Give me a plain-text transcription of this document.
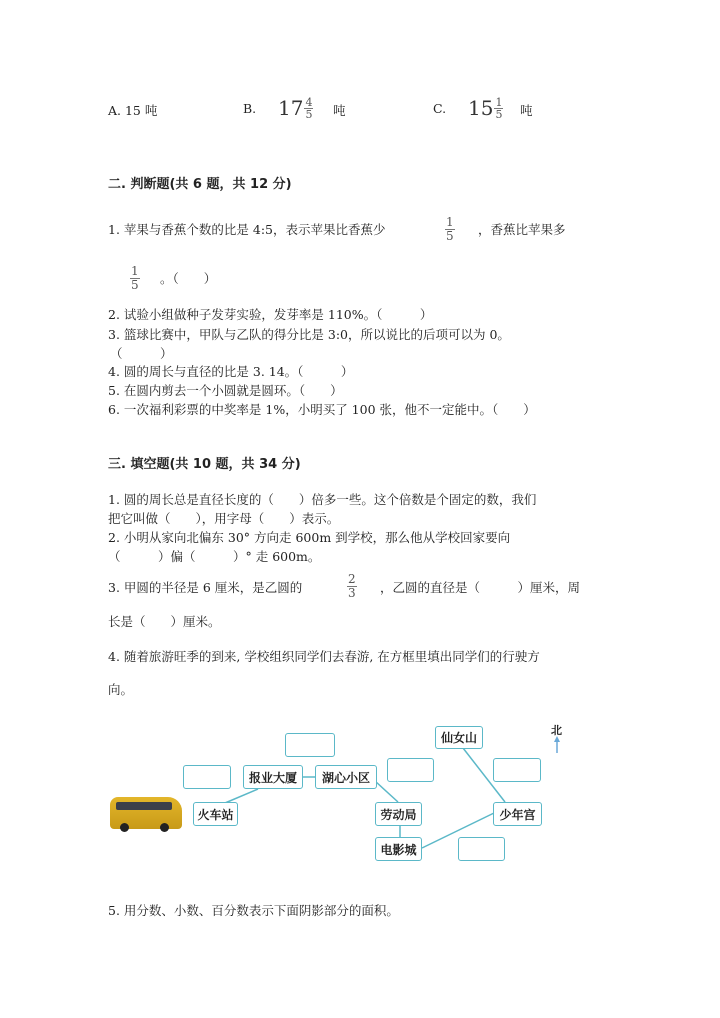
A. 15 吨	B. $17 \frac{4}{5}$ 吨	C. $15 \frac{1}{5}$ 吨
二. 判断题(共 6 题，共 12 分)
1. 苹果与香蕉个数的比是 4:5，表示苹果比香蕉少	$\frac{1}{5}$ ，香蕉比苹果多
$\frac{1}{5}$ 。（　　）
2. 试验小组做种子发芽实验，发芽率是 110%。（　　　）
3. 篮球比赛中，甲队与乙队的得分比是 3:0，所以说比的后项可以为 0。
（　　　）
4. 圆的周长与直径的比是 3. 14。（　　　）
5. 在圆内剪去一个小圆就是圆环。（　　）
6. 一次福利彩票的中奖率是 1%，小明买了 100 张，他不一定能中。（　　）
三. 填空题(共 10 题，共 34 分)
1. 圆的周长总是直径长度的（　　）倍多一些。这个倍数是个固定的数，我们
把它叫做（　　），用字母（　　）表示。
2. 小明从家向北偏东 30° 方向走 600m 到学校，那么他从学校回家要向
（　　　）偏（　　　）° 走 600m。
3. 甲圆的半径是 6 厘米，是乙圆的	$\frac{2}{3}$ ，乙圆的直径是（　　　）厘米，周
长是（　　）厘米。
4. 随着旅游旺季的到来, 学校组织同学们去春游, 在方框里填出同学们的行驶方
向。
报业大厦	湖心小区
仙女山
火车站	劳动局	少年宫
电影城
北
5. 用分数、小数、百分数表示下面阴影部分的面积。
